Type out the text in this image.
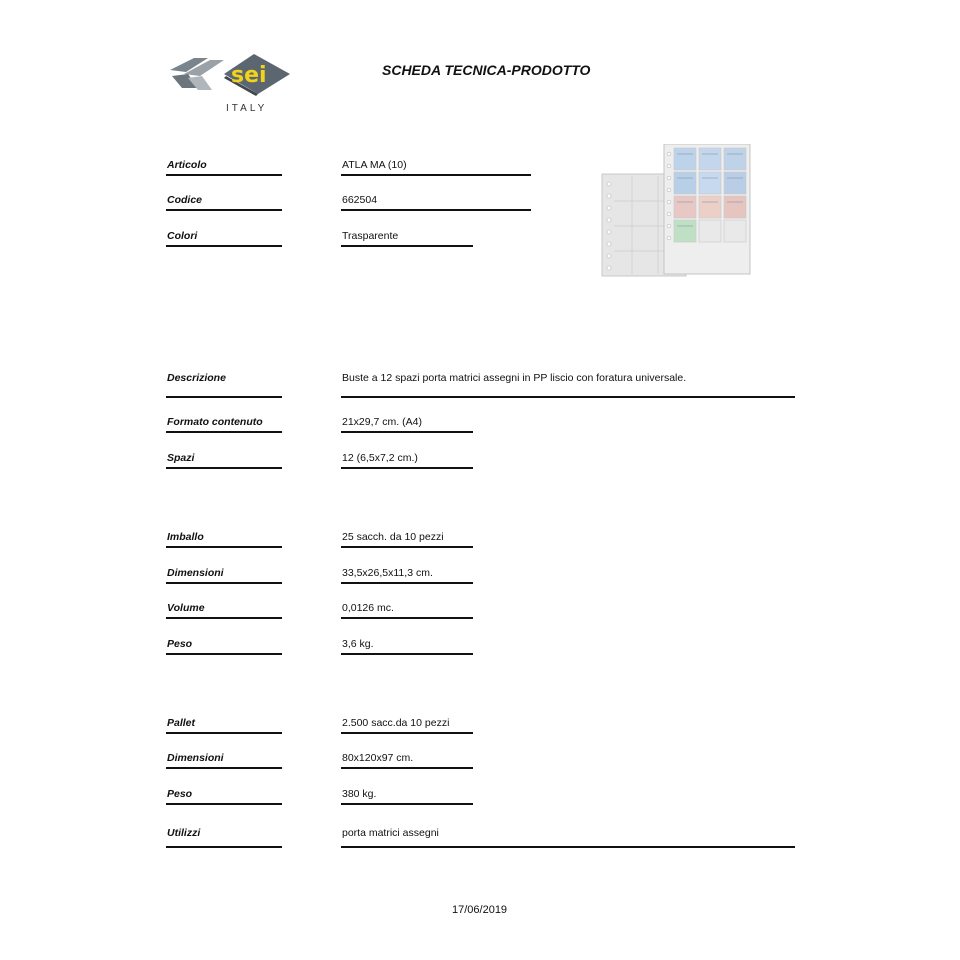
sei
ITALY
SCHEDA TECNICA-PRODOTTO
Articolo	ATLA MA (10)
Codice	662504
Colori	Trasparente
Descrizione	Buste a 12 spazi porta matrici assegni in PP liscio con foratura universale.
Formato contenuto	21x29,7 cm. (A4)
Spazi	12 (6,5x7,2 cm.)
Imballo	25 sacch. da 10 pezzi
Dimensioni	33,5x26,5x11,3 cm.
Volume	0,0126 mc.
Peso	3,6 kg.
Pallet	2.500 sacc.da 10 pezzi
Dimensioni	80x120x97 cm.
Peso	380 kg.
Utilizzi	porta matrici assegni
17/06/2019
